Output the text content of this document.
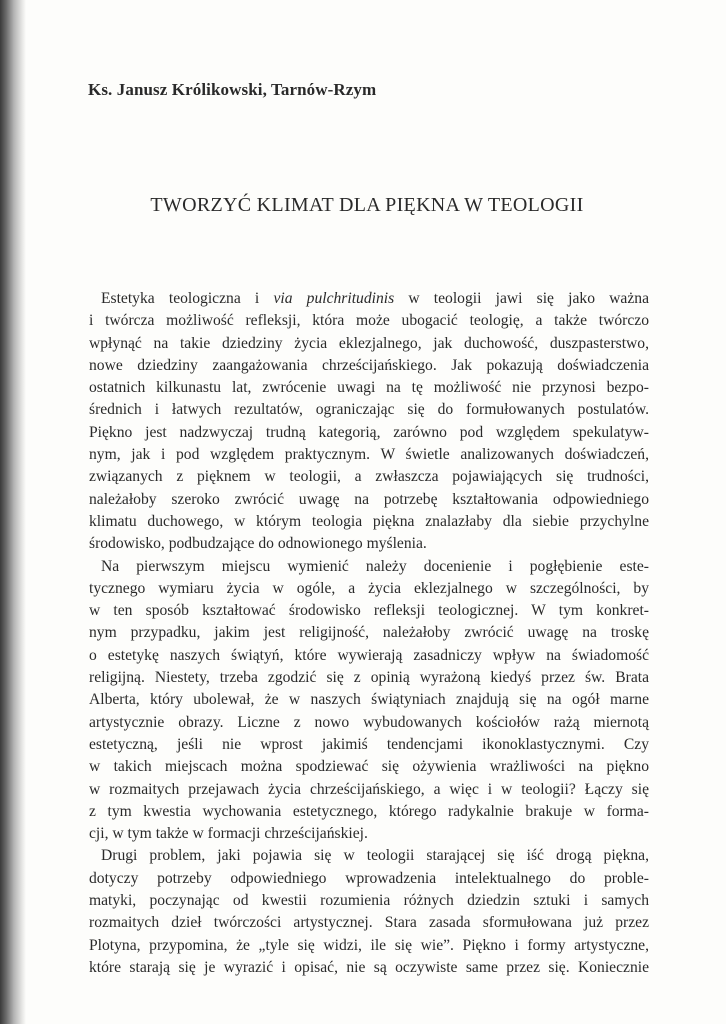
Ks. Janusz Królikowski, Tarnów-Rzym
TWORZYĆ KLIMAT DLA PIĘKNA W TEOLOGII
Estetyka teologiczna i via pulchritudinis w teologii jawi się jako ważna
i twórcza możliwość refleksji, która może ubogacić teologię, a także twórczo
wpłynąć na takie dziedziny życia eklezjalnego, jak duchowość, duszpasterstwo,
nowe dziedziny zaangażowania chrześcijańskiego. Jak pokazują doświadczenia
ostatnich kilkunastu lat, zwrócenie uwagi na tę możliwość nie przynosi bezpo-
średnich i łatwych rezultatów, ograniczając się do formułowanych postulatów.
Piękno jest nadzwyczaj trudną kategorią, zarówno pod względem spekulatyw-
nym, jak i pod względem praktycznym. W świetle analizowanych doświadczeń,
związanych z pięknem w teologii, a zwłaszcza pojawiających się trudności,
należałoby szeroko zwrócić uwagę na potrzebę kształtowania odpowiedniego
klimatu duchowego, w którym teologia piękna znalazłaby dla siebie przychylne
środowisko, podbudzające do odnowionego myślenia.
Na pierwszym miejscu wymienić należy docenienie i pogłębienie este-
tycznego wymiaru życia w ogóle, a życia eklezjalnego w szczególności, by
w ten sposób kształtować środowisko refleksji teologicznej. W tym konkret-
nym przypadku, jakim jest religijność, należałoby zwrócić uwagę na troskę
o estetykę naszych świątyń, które wywierają zasadniczy wpływ na świadomość
religijną. Niestety, trzeba zgodzić się z opinią wyrażoną kiedyś przez św. Brata
Alberta, który ubolewał, że w naszych świątyniach znajdują się na ogół marne
artystycznie obrazy. Liczne z nowo wybudowanych kościołów rażą miernotą
estetyczną, jeśli nie wprost jakimiś tendencjami ikonoklastycznymi. Czy
w takich miejscach można spodziewać się ożywienia wrażliwości na piękno
w rozmaitych przejawach życia chrześcijańskiego, a więc i w teologii? Łączy się
z tym kwestia wychowania estetycznego, którego radykalnie brakuje w forma-
cji, w tym także w formacji chrześcijańskiej.
Drugi problem, jaki pojawia się w teologii starającej się iść drogą piękna,
dotyczy potrzeby odpowiedniego wprowadzenia intelektualnego do proble-
matyki, poczynając od kwestii rozumienia różnych dziedzin sztuki i samych
rozmaitych dzieł twórczości artystycznej. Stara zasada sformułowana już przez
Plotyna, przypomina, że „tyle się widzi, ile się wie”. Piękno i formy artystyczne,
które starają się je wyrazić i opisać, nie są oczywiste same przez się. Koniecznie
